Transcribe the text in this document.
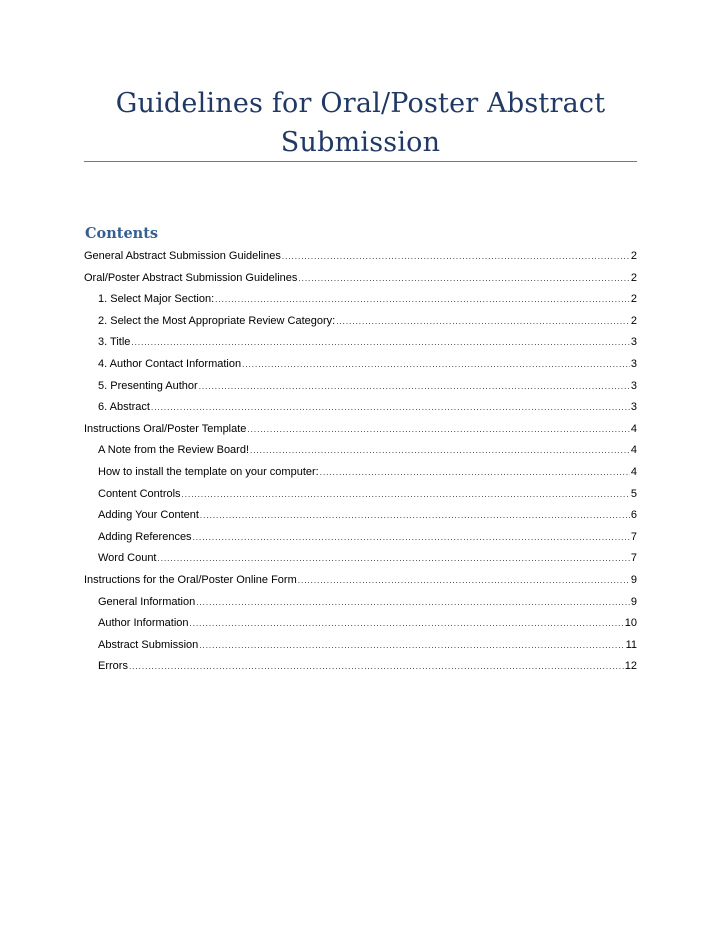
Guidelines for Oral/Poster Abstract
Submission
Contents
General Abstract Submission Guidelines .....	2
Oral/Poster Abstract Submission Guidelines .....	2
1. Select Major Section: .....	2
2. Select the Most Appropriate Review Category: .....	2
3. Title .....	3
4. Author Contact Information .....	3
5. Presenting Author .....	3
6. Abstract .....	3
Instructions Oral/Poster Template .....	4
A Note from the Review Board! .....	4
How to install the template on your computer: .....	4
Content Controls .....	5
Adding Your Content .....	6
Adding References .....	7
Word Count .....	7
Instructions for the Oral/Poster Online Form .....	9
General Information .....	9
Author Information .....	10
Abstract Submission .....	11
Errors .....	12
